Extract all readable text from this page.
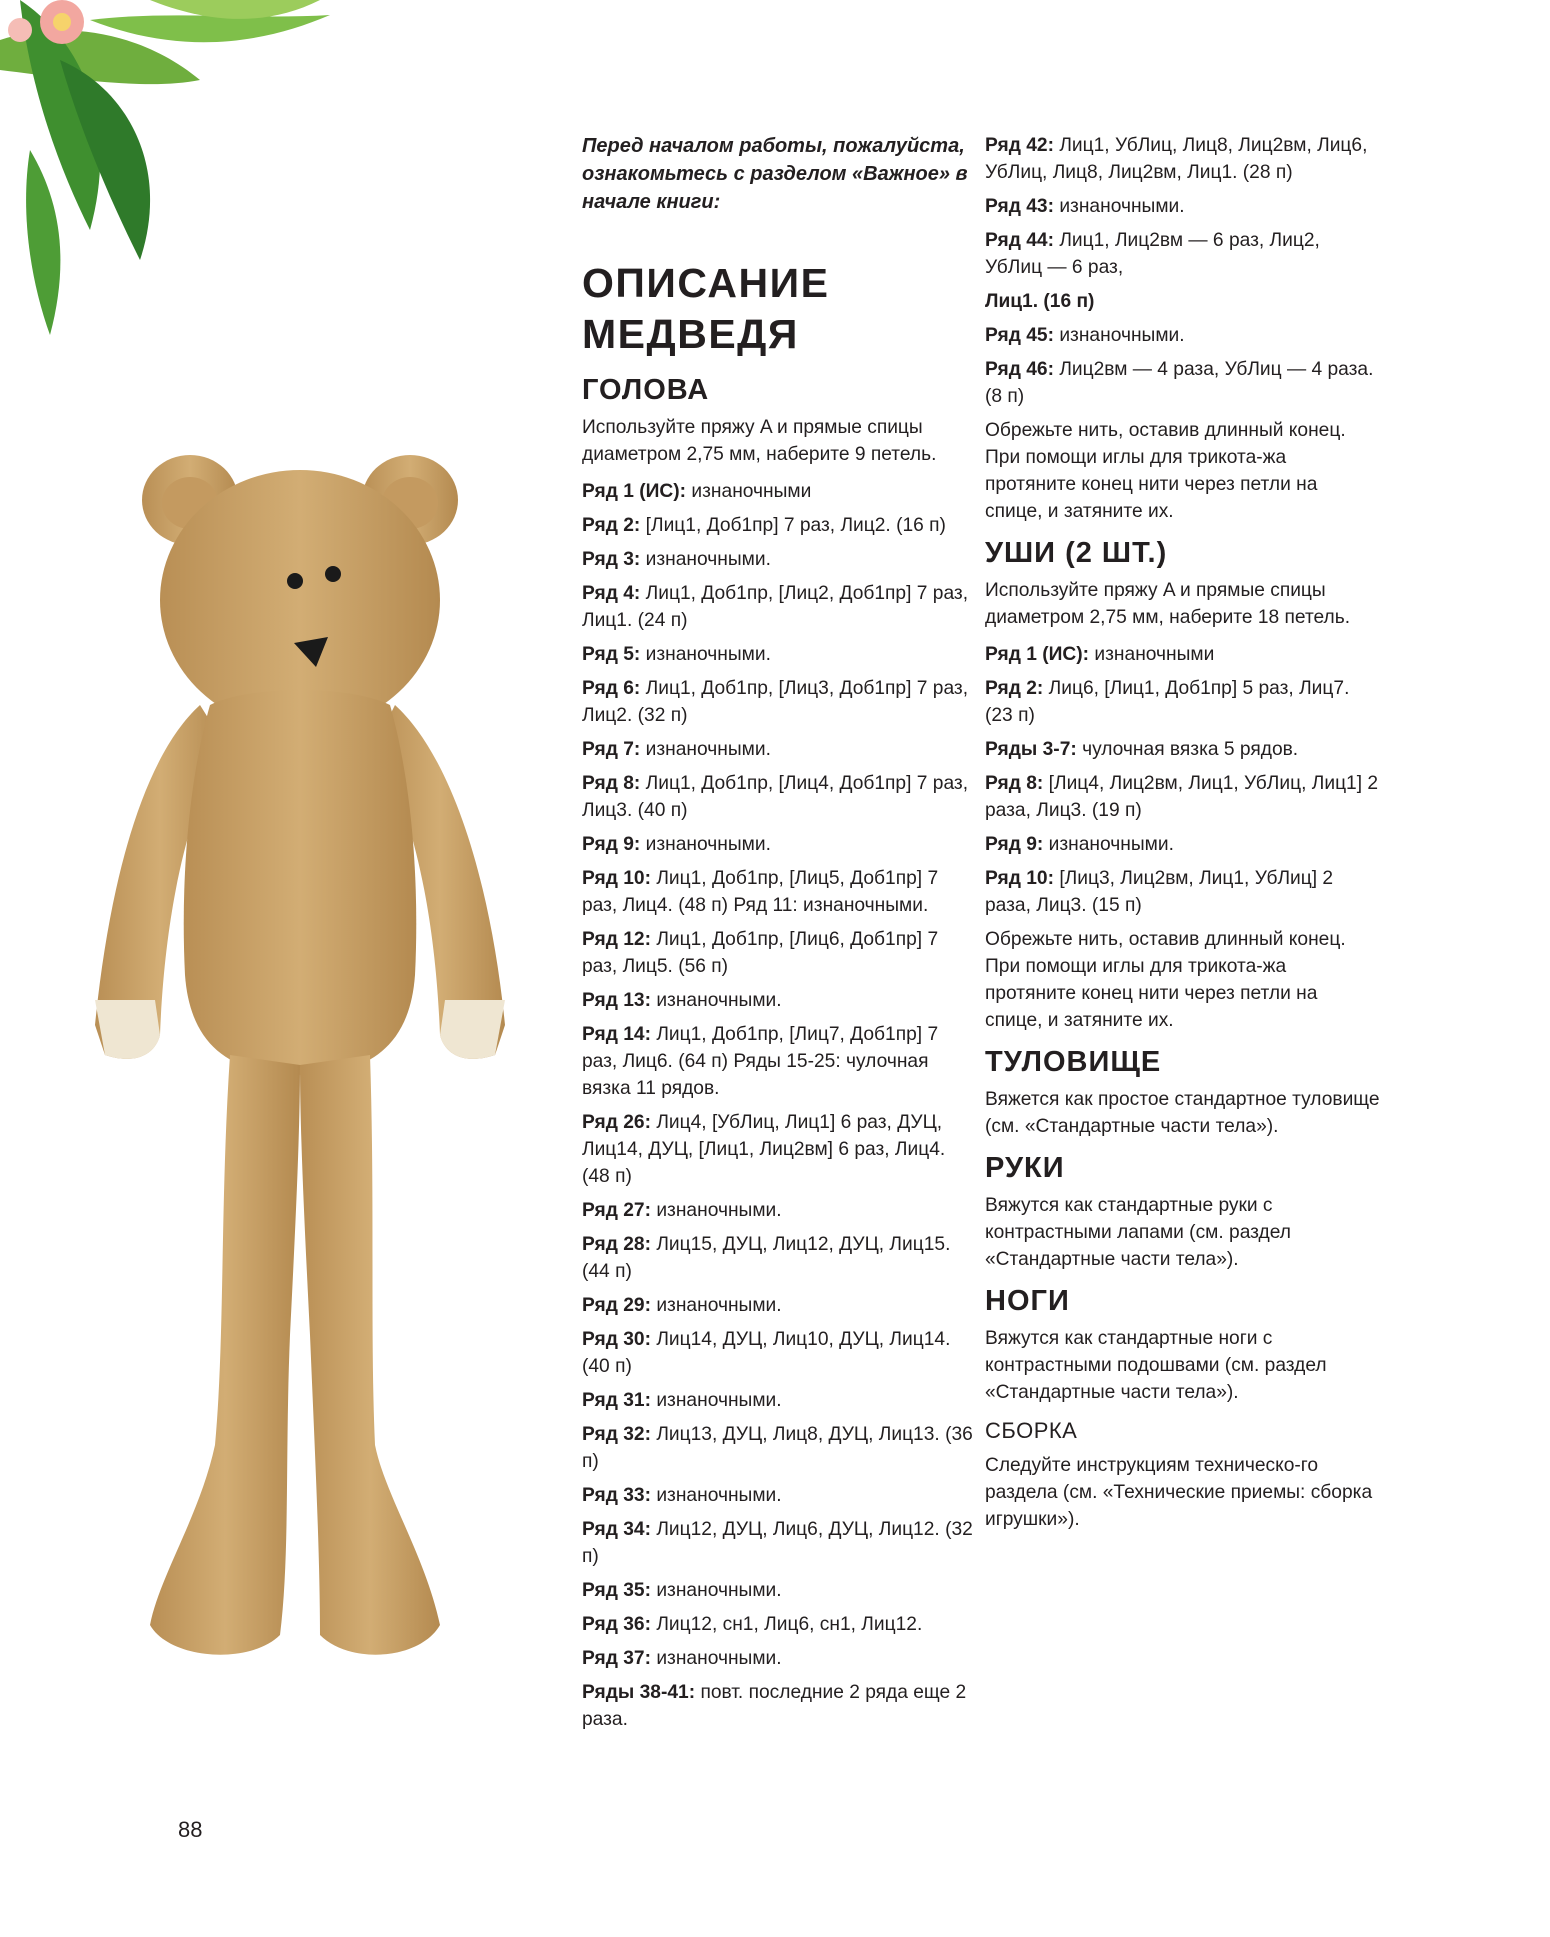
Перед началом работы, пожалуйста, ознакомьтесь с разделом «Важное» в начале книги:

ОПИСАНИЕ
МЕДВЕДЯ
ГОЛОВА

Используйте пряжу A и прямые спицы диаметром 2,75 мм, наберите 9 петель.

Ряд 1 (ИС): изнаночными

Ряд 2: [Лиц1, Доб1пр] 7 раз, Лиц2. (16 п)

Ряд 3: изнаночными.

Ряд 4: Лиц1, Доб1пр, [Лиц2, Доб1пр] 7 раз, Лиц1. (24 п)

Ряд 5: изнаночными.

Ряд 6: Лиц1, Доб1пр, [Лиц3, Доб1пр] 7 раз, Лиц2. (32 п)

Ряд 7: изнаночными.

Ряд 8: Лиц1, Доб1пр, [Лиц4, Доб1пр] 7 раз, Лиц3. (40 п)

Ряд 9: изнаночными.

Ряд 10: Лиц1, Доб1пр, [Лиц5, Доб1пр] 7 раз, Лиц4. (48 п) Ряд 11: изнаночными.

Ряд 12: Лиц1, Доб1пр, [Лиц6, Доб1пр] 7 раз, Лиц5. (56 п)

Ряд 13: изнаночными.

Ряд 14: Лиц1, Доб1пр, [Лиц7, Доб1пр] 7 раз, Лиц6. (64 п) Ряды 15-25: чулочная вязка 11 рядов.

Ряд 26: Лиц4, [УбЛиц, Лиц1] 6 раз, ДУЦ, Лиц14, ДУЦ, [Лиц1, Лиц2вм] 6 раз, Лиц4. (48 п)

Ряд 27: изнаночными.

Ряд 28: Лиц15, ДУЦ, Лиц12, ДУЦ, Лиц15. (44 п)

Ряд 29: изнаночными.

Ряд 30: Лиц14, ДУЦ, Лиц10, ДУЦ, Лиц14. (40 п)

Ряд 31: изнаночными.

Ряд 32: Лиц13, ДУЦ, Лиц8, ДУЦ, Лиц13. (36 п)

Ряд 33: изнаночными.

Ряд 34: Лиц12, ДУЦ, Лиц6, ДУЦ, Лиц12. (32 п)

Ряд 35: изнаночными.

Ряд 36: Лиц12, сн1, Лиц6, сн1, Лиц12.

Ряд 37: изнаночными.

Ряды 38-41: повт. последние 2 ряда еще 2 раза.

Ряд 42: Лиц1, УбЛиц, Лиц8, Лиц2вм, Лиц6, УбЛиц, Лиц8, Лиц2вм, Лиц1. (28 п)

Ряд 43: изнаночными.

Ряд 44: Лиц1, Лиц2вм — 6 раз, Лиц2, УбЛиц — 6 раз,

Лиц1. (16 п)

Ряд 45: изнаночными.

Ряд 46: Лиц2вм — 4 раза, УбЛиц — 4 раза. (8 п)

Обрежьте нить, оставив длинный конец. При помощи иглы для трикота-жа протяните конец нити через петли на спице, и затяните их.

УШИ (2 ШТ.)

Используйте пряжу A и прямые спицы диаметром 2,75 мм, наберите 18 петель.

Ряд 1 (ИС): изнаночными

Ряд 2: Лиц6, [Лиц1, Доб1пр] 5 раз, Лиц7. (23 п)

Ряды 3-7: чулочная вязка 5 рядов.

Ряд 8: [Лиц4, Лиц2вм, Лиц1, УбЛиц, Лиц1] 2 раза, Лиц3. (19 п)

Ряд 9: изнаночными.

Ряд 10: [Лиц3, Лиц2вм, Лиц1, УбЛиц] 2 раза, Лиц3. (15 п)

Обрежьте нить, оставив длинный конец. При помощи иглы для трикота-жа протяните конец нити через петли на спице, и затяните их.

ТУЛОВИЩЕ

Вяжется как простое стандартное туловище (см. «Стандартные части тела»).

РУКИ

Вяжутся как стандартные руки с контрастными лапами (см. раздел «Стандартные части тела»).

НОГИ

Вяжутся как стандартные ноги с контрастными подошвами (см. раздел «Стандартные части тела»).

СБОРКА

Следуйте инструкциям техническо-го раздела (см. «Технические приемы: сборка игрушки»).

88
